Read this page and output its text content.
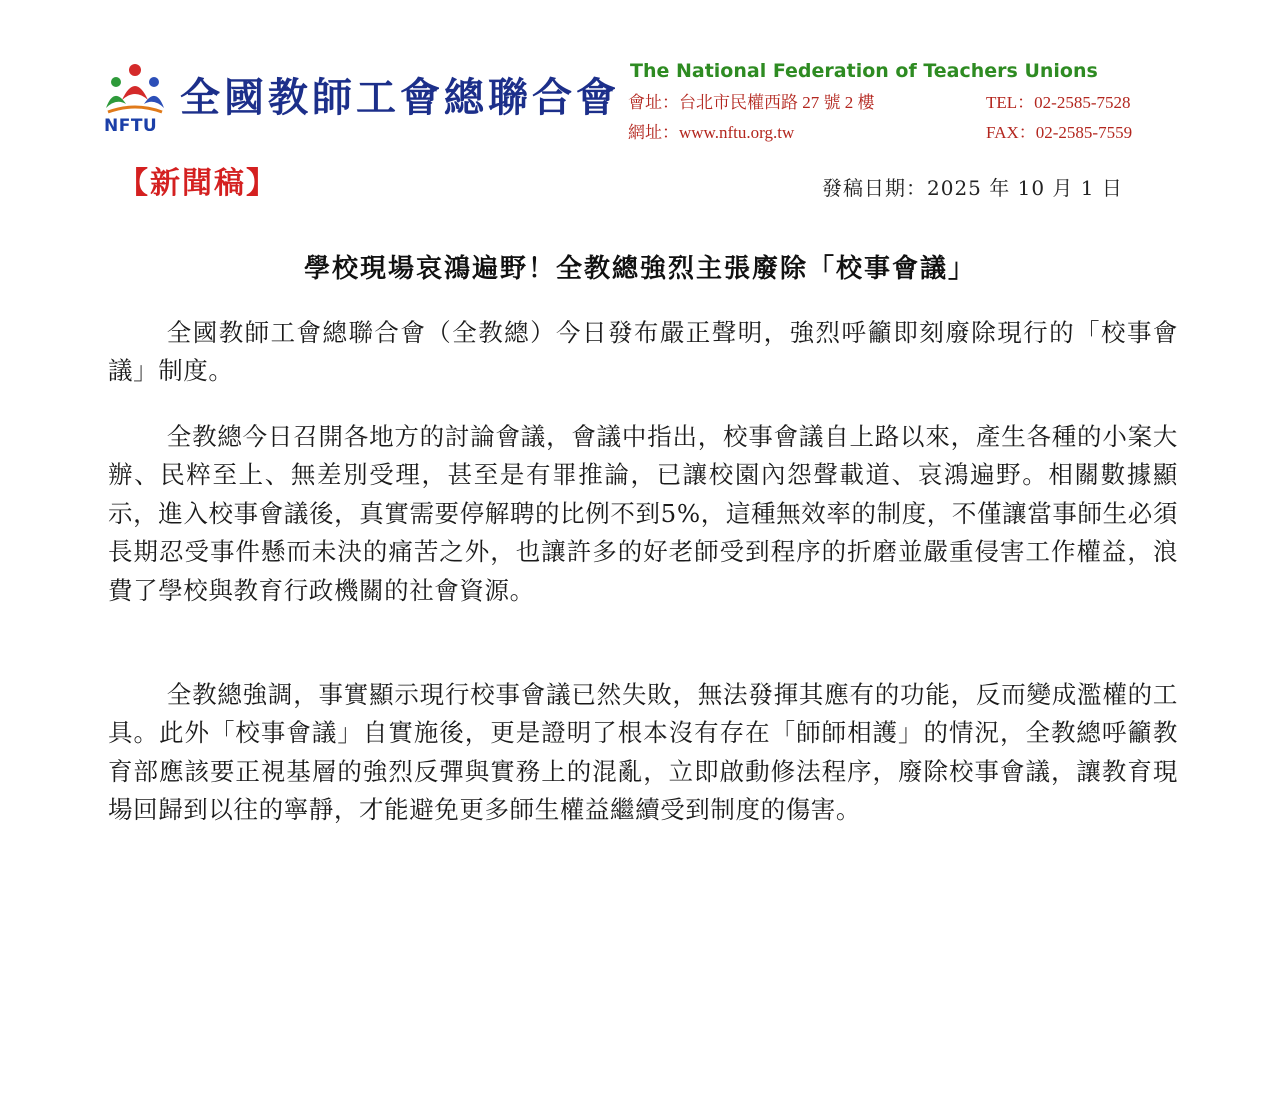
NFTU
全國教師工會總聯合會
The National Federation of Teachers Unions
會址：台北市民權西路 27 號 2 樓	TEL：02-2585-7528
網址：www.nftu.org.tw	FAX：02-2585-7559
【新聞稿】	發稿日期：2025 年 10 月 1 日
學校現場哀鴻遍野！全教總強烈主張廢除「校事會議」

全國教師工會總聯合會（全教總）今日發布嚴正聲明，強烈呼籲即刻廢除現行的「校事會議」制度。

全教總今日召開各地方的討論會議，會議中指出，校事會議自上路以來，產生各種的小案大辦、民粹至上、無差別受理，甚至是有罪推論，已讓校園內怨聲載道、哀鴻遍野。相關數據顯示，進入校事會議後，真實需要停解聘的比例不到5%，這種無效率的制度，不僅讓當事師生必須長期忍受事件懸而未決的痛苦之外，也讓許多的好老師受到程序的折磨並嚴重侵害工作權益，浪費了學校與教育行政機關的社會資源。

全教總強調，事實顯示現行校事會議已然失敗，無法發揮其應有的功能，反而變成濫權的工具。此外「校事會議」自實施後，更是證明了根本沒有存在「師師相護」的情況，全教總呼籲教育部應該要正視基層的強烈反彈與實務上的混亂，立即啟動修法程序，廢除校事會議，讓教育現場回歸到以往的寧靜，才能避免更多師生權益繼續受到制度的傷害。
